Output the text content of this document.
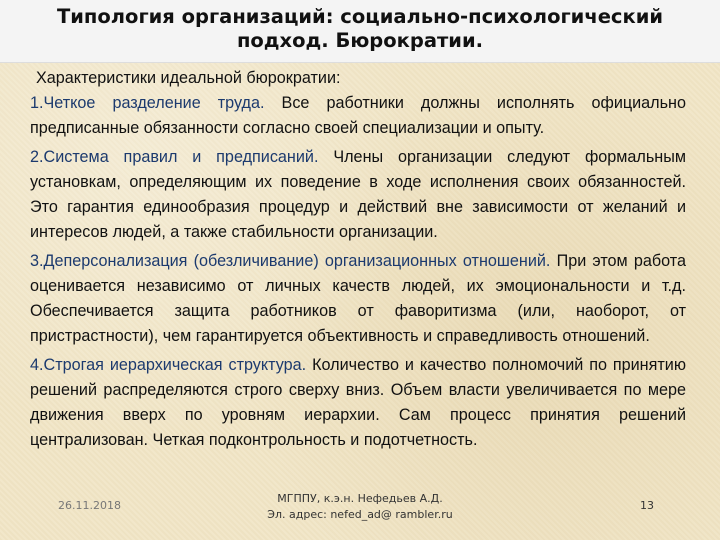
Типология организаций: социально-психологический
подход. Бюрократии.

Характеристики идеальной бюрократии:

1.Четкое разделение труда. Все работники должны исполнять официально предписанные обязанности согласно своей специализации и опыту.

2.Система правил и предписаний. Члены организации следуют формальным установкам, определяющим их поведение в ходе исполнения своих обязанностей. Это гарантия единообразия процедур и действий вне зависимости от желаний и интересов людей, а также стабильности организации.

3.Деперсонализация (обезличивание) организационных отношений. При этом работа оценивается независимо от личных качеств людей, их эмоциональности и т.д. Обеспечивается защита работников от фаворитизма (или, наоборот, от пристрастности), чем гарантируется объективность и справедливость отношений.

4.Строгая иерархическая структура. Количество и качество полномочий по принятию решений распределяются строго сверху вниз. Объем власти увеличивается по мере движения вверх по уровням иерархии. Сам процесс принятия решений централизован. Четкая подконтрольность и подотчетность.

26.11.2018
МГППУ, к.э.н. Нефедьев А.Д.
Эл. адрес: nefed_ad@ rambler.ru
13
